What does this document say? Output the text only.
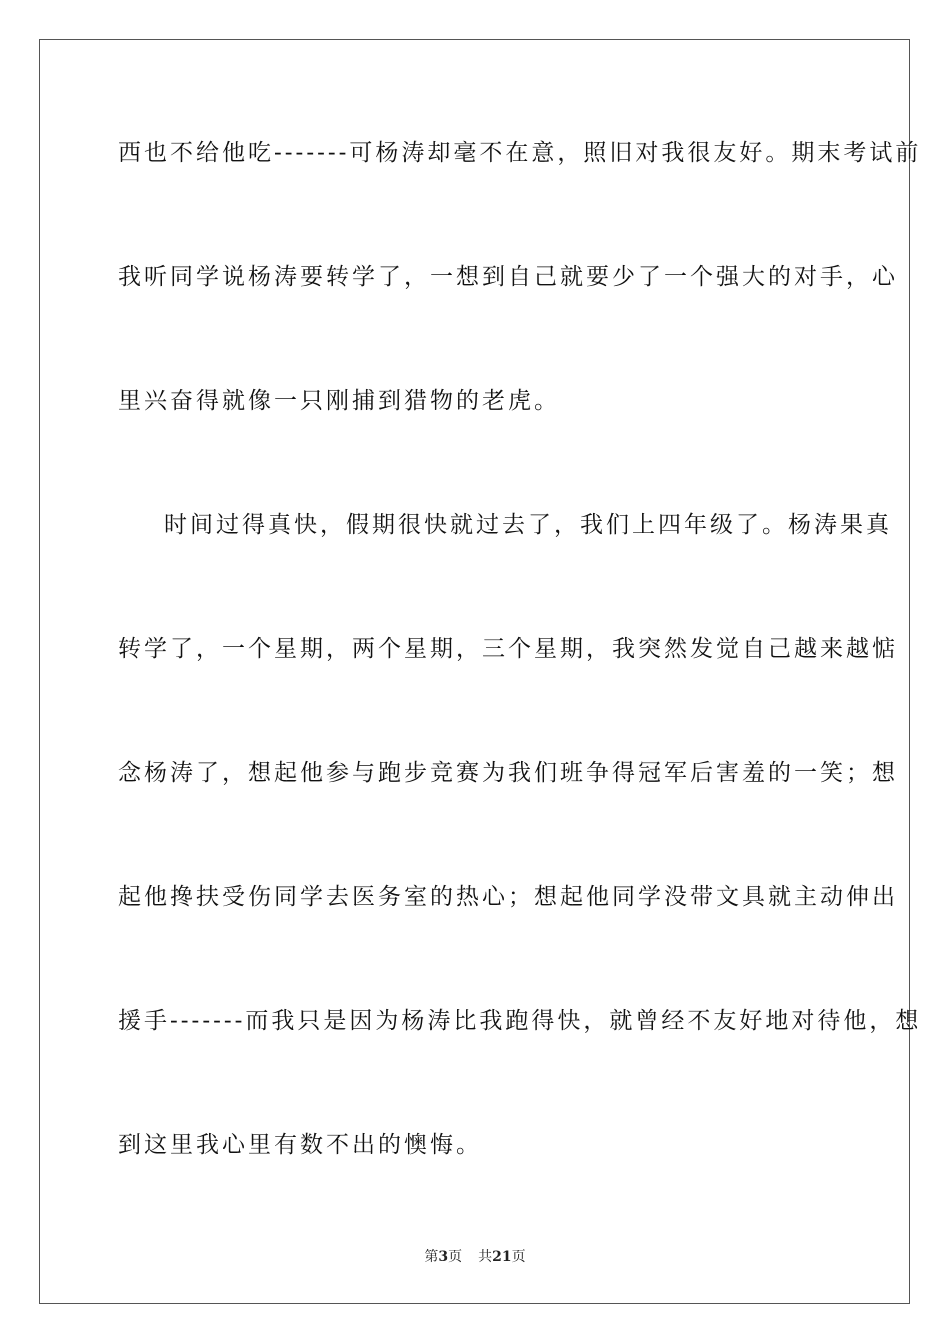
西也不给他吃-------可杨涛却毫不在意，照旧对我很友好。期末考试前
我听同学说杨涛要转学了，一想到自己就要少了一个强大的对手，心
里兴奋得就像一只刚捕到猎物的老虎。
时间过得真快，假期很快就过去了，我们上四年级了。杨涛果真
转学了，一个星期，两个星期，三个星期，我突然发觉自己越来越惦
念杨涛了，想起他参与跑步竞赛为我们班争得冠军后害羞的一笑；想
起他搀扶受伤同学去医务室的热心；想起他同学没带文具就主动伸出
援手-------而我只是因为杨涛比我跑得快，就曾经不友好地对待他，想
到这里我心里有数不出的懊悔。
第3页 共21页
